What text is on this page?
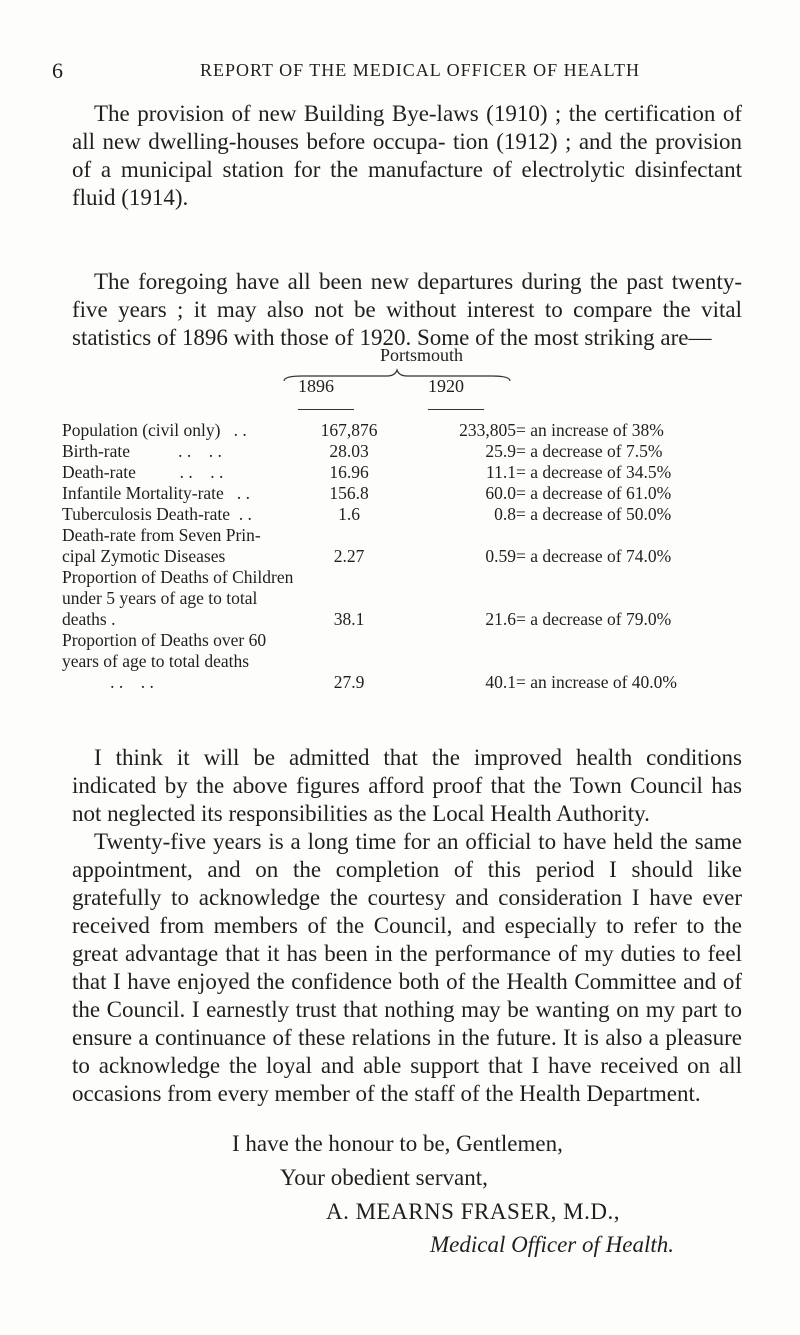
6	REPORT OF THE MEDICAL OFFICER OF HEALTH

The provision of new Building Bye-laws (1910) ; the certification of all new dwelling-houses before occupa- tion (1912) ; and the provision of a municipal station for the manufacture of electrolytic disinfectant fluid (1914).

The foregoing have all been new departures during the past twenty-five years ; it may also not be without interest to compare the vital statistics of 1896 with those of 1920. Some of the most striking are—

Portsmouth
1896	1920
Population (civil only)   . .	167,876	233,805	= an increase of 38%
Birth-rate           . .    . .	28.03	25.9	= a decrease of 7.5%
Death-rate          . .    . .	16.96	11.1	= a decrease of 34.5%
Infantile Mortality-rate   . .	156.8	60.0	= a decrease of 61.0%
Tuberculosis Death-rate  . .	1.6	0.8	= a decrease of 50.0%
Death-rate from Seven Prin- cipal Zymotic Diseases	2.27	0.59	= a decrease of 74.0%
Proportion of Deaths of Children under 5 years of age to total deaths .	38.1	21.6	= a decrease of 79.0%
Proportion of Deaths over 60 years of age to total deaths            . .    . .	27.9	40.1	= an increase of 40.0%

I think it will be admitted that the improved health conditions indicated by the above figures afford proof that the Town Council has not neglected its responsibilities as the Local Health Authority.

Twenty-five years is a long time for an official to have held the same appointment, and on the completion of this period I should like gratefully to acknowledge the courtesy and consideration I have ever received from members of the Council, and especially to refer to the great advantage that it has been in the performance of my duties to feel that I have enjoyed the confidence both of the Health Committee and of the Council. I earnestly trust that nothing may be wanting on my part to ensure a continuance of these relations in the future. It is also a pleasure to acknowledge the loyal and able support that I have received on all occasions from every member of the staff of the Health Department.

I have the honour to be, Gentlemen,
Your obedient servant,
A. MEARNS FRASER, M.D.,
Medical Officer of Health.
